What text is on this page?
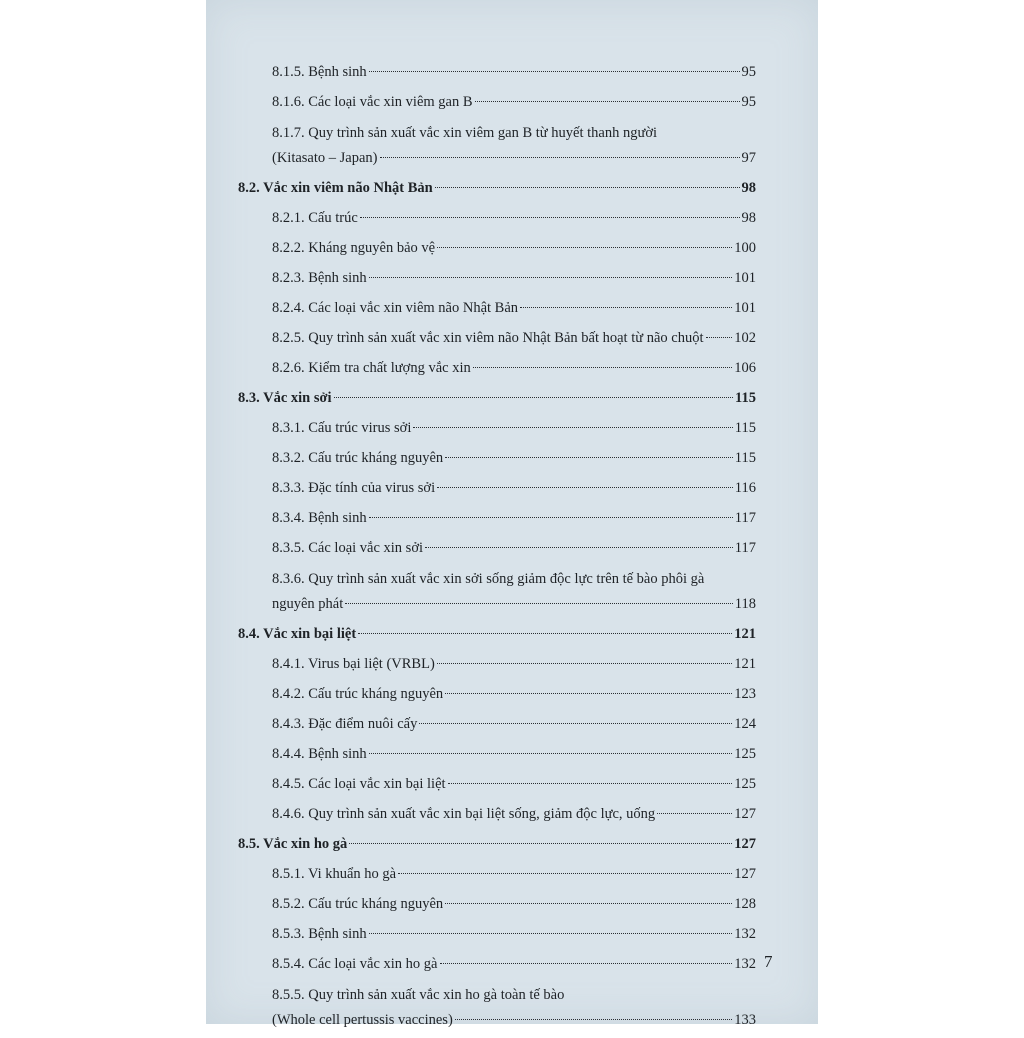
8.1.5. Bệnh sinh	95
8.1.6. Các loại vắc xin viêm gan B	95
8.1.7. Quy trình sản xuất vắc xin viêm gan B từ huyết thanh người
(Kitasato – Japan)	97
8.2. Vắc xin viêm não Nhật Bản	98
8.2.1. Cấu trúc	98
8.2.2. Kháng nguyên bảo vệ	100
8.2.3. Bệnh sinh	101
8.2.4. Các loại vắc xin viêm não Nhật Bản	101
8.2.5. Quy trình sản xuất vắc xin viêm não Nhật Bản bất hoạt từ não chuột 102
8.2.6. Kiểm tra chất lượng vắc xin	106
8.3. Vắc xin sởi	115
8.3.1. Cấu trúc virus sởi	115
8.3.2. Cấu trúc kháng nguyên	115
8.3.3. Đặc tính của virus sởi	116
8.3.4. Bệnh sinh	117
8.3.5. Các loại vắc xin sởi	117
8.3.6. Quy trình sản xuất vắc xin sởi sống giảm độc lực trên tế bào phôi gà
nguyên phát	118
8.4. Vắc xin bại liệt	121
8.4.1. Virus bại liệt (VRBL)	121
8.4.2. Cấu trúc kháng nguyên	123
8.4.3. Đặc điểm nuôi cấy	124
8.4.4. Bệnh sinh	125
8.4.5. Các loại vắc xin bại liệt	125
8.4.6. Quy trình sản xuất vắc xin bại liệt sống, giảm độc lực, uống	127
8.5. Vắc xin ho gà	127
8.5.1. Vi khuẩn ho gà	127
8.5.2. Cấu trúc kháng nguyên	128
8.5.3. Bệnh sinh	132
8.5.4. Các loại vắc xin ho gà	132
8.5.5. Quy trình sản xuất vắc xin ho gà toàn tế bào
(Whole cell pertussis vaccines)	133
7
